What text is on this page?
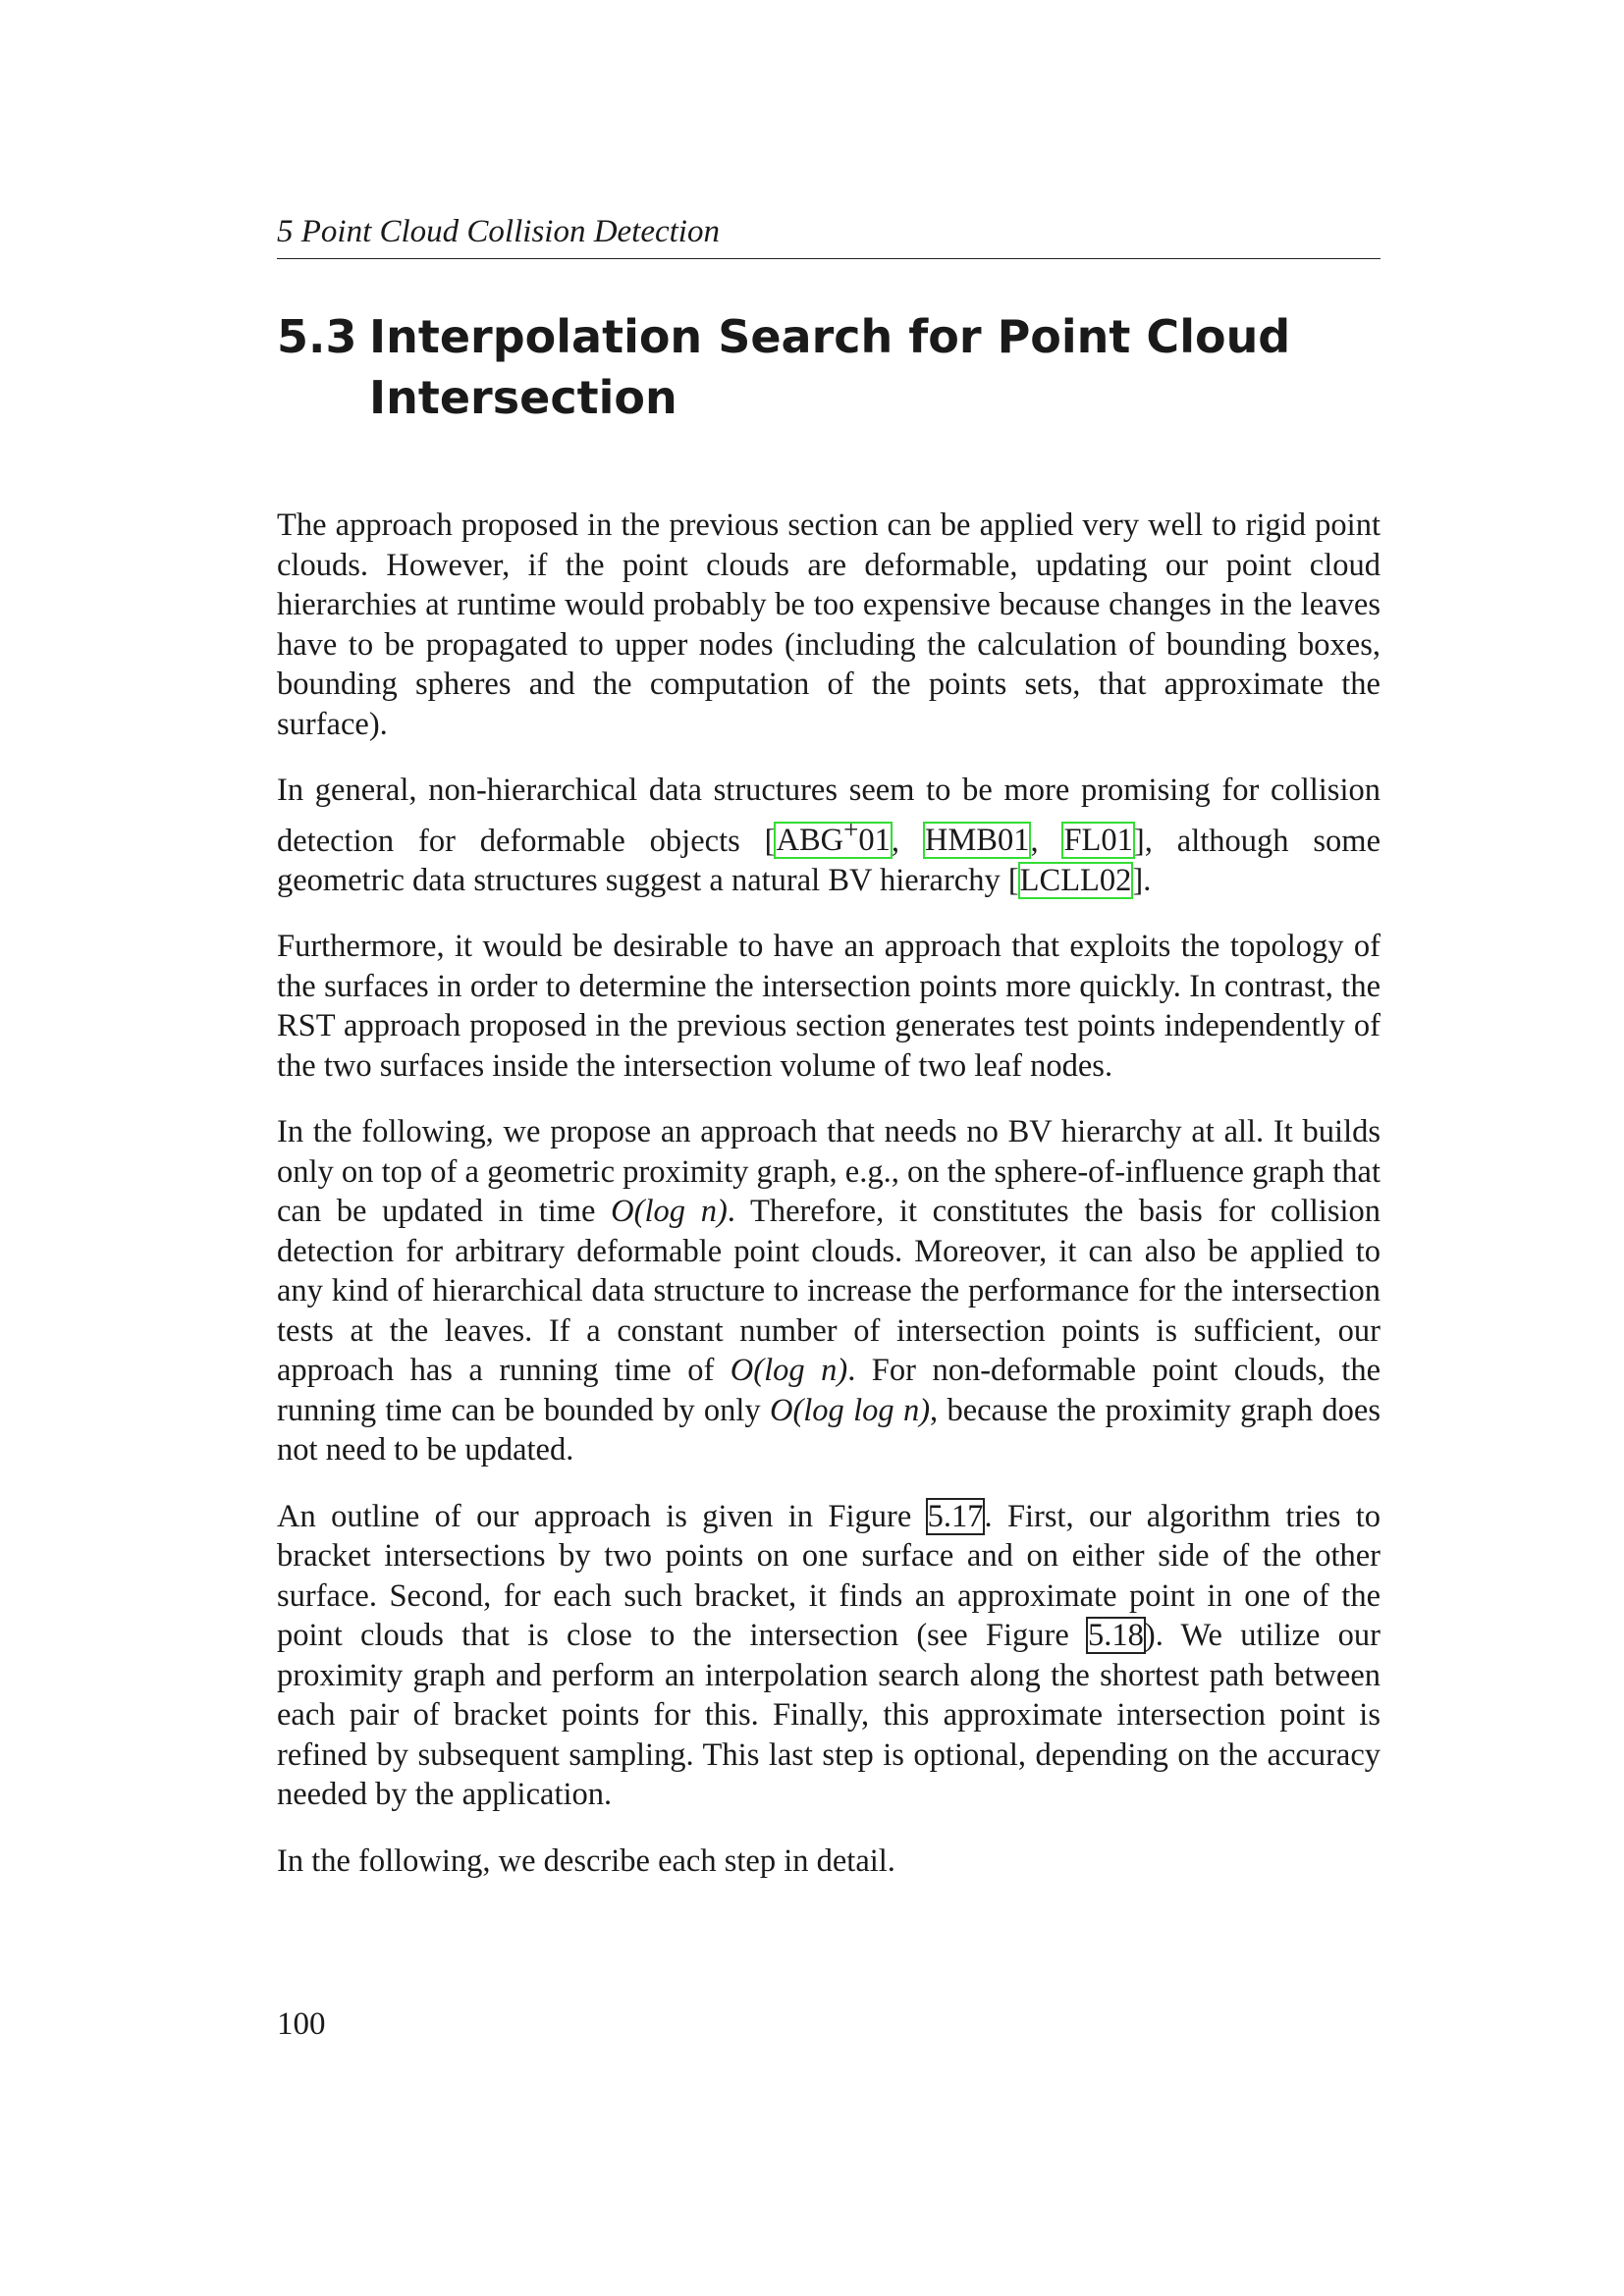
5 Point Cloud Collision Detection
5.3 Interpolation Search for Point Cloud
Intersection

The approach proposed in the previous section can be applied very well to rigid point clouds. However, if the point clouds are deformable, updating our point cloud hierarchies at runtime would probably be too expensive because changes in the leaves have to be propagated to upper nodes (including the calculation of bounding boxes, bounding spheres and the computation of the points sets, that approximate the surface).

In general, non-hierarchical data structures seem to be more promising for collision detection for deformable objects [ABG+01, HMB01, FL01], although some geometric data structures suggest a natural BV hierarchy [LCLL02].

Furthermore, it would be desirable to have an approach that exploits the topology of the surfaces in order to determine the intersection points more quickly. In contrast, the RST approach proposed in the previous section generates test points independently of the two surfaces inside the intersection volume of two leaf nodes.

In the following, we propose an approach that needs no BV hierarchy at all. It builds only on top of a geometric proximity graph, e.g., on the sphere-of-influence graph that can be updated in time O(log n). Therefore, it constitutes the basis for collision detection for arbitrary deformable point clouds. Moreover, it can also be applied to any kind of hierarchical data structure to increase the performance for the intersection tests at the leaves. If a constant number of intersection points is sufficient, our approach has a running time of O(log n). For non-deformable point clouds, the running time can be bounded by only O(log log n), because the proximity graph does not need to be updated.

An outline of our approach is given in Figure 5.17. First, our algorithm tries to bracket intersections by two points on one surface and on either side of the other surface. Second, for each such bracket, it finds an approximate point in one of the point clouds that is close to the intersection (see Figure 5.18). We utilize our proximity graph and perform an interpolation search along the shortest path between each pair of bracket points for this. Finally, this approximate intersection point is refined by subsequent sampling. This last step is optional, depending on the accuracy needed by the application.

In the following, we describe each step in detail.

100
